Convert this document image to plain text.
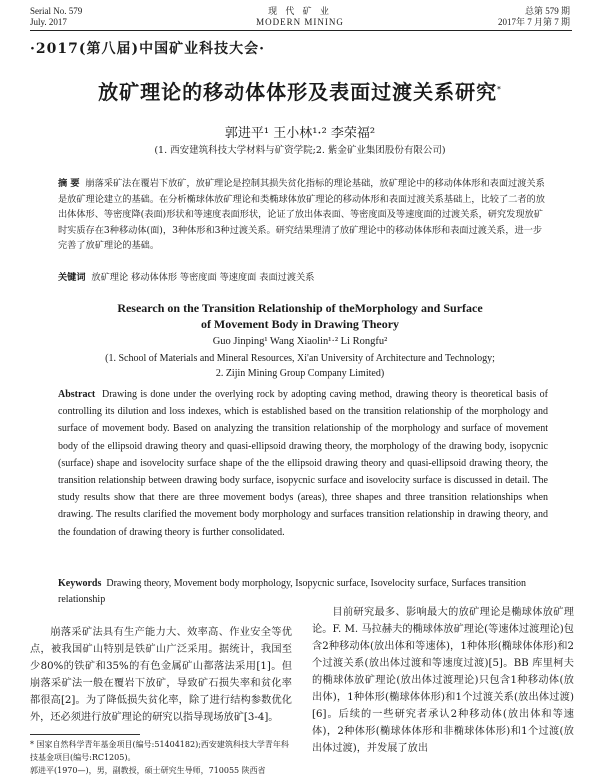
Serial No. 579
July. 2017
现 代 矿 业
MODERN MINING
总第 579 期
2017年 7 月第 7 期
·2017(第八届)中国矿业科技大会·
放矿理论的移动体体形及表面过渡关系研究*
郭进平¹ 王小林¹·² 李荣福²
(1. 西安建筑科技大学材料与矿资学院;2. 紫金矿业集团股份有限公司)
摘 要 崩落采矿法在覆岩下放矿，放矿理论是控制其损失贫化指标的理论基础，放矿理论中的移动体体形和表面过渡关系是放矿理论建立的基础。在分析椭球体放矿理论和类椭球体放矿理论的移动体形和表面过渡关系基础上，比较了二者的放出体体形、等密度降(表面)形状和等速度表面形状，论证了放出体表面、等密度面及等速度面的过渡关系，研究发现放矿时实质存在3种移动体(面)，3种体形和3种过渡关系。研究结果理清了放矿理论中的移动体体形和表面过渡关系，进一步完善了放矿理论的基础。
关键词 放矿理论 移动体体形 等密度面 等速度面 表面过渡关系
Research on the Transition Relationship of theMorphology and Surface
of Movement Body in Drawing Theory
Guo Jinping¹ Wang Xiaolin¹·² Li Rongfu²
(1. School of Materials and Mineral Resources, Xi'an University of Architecture and Technology;
2. Zijin Mining Group Company Limited)
Abstract Drawing is done under the overlying rock by adopting caving method, drawing theory is theoretical basis of controlling its dilution and loss indexes, which is established based on the transition relationship of the morphology and surface of movement body. Based on analyzing the transition relationship of the morphology and surface of movement body of the ellipsoid drawing theory and quasi-ellipsoid drawing theory, the morphology of the drawing body, isopycnic (surface) shape and isovelocity surface shape of the the ellipsoid drawing theory and quasi-ellipsoid drawing theory, the transition relationship between drawing body surface, isopycnic surface and isovelocity surface is discussed in detail. The study results show that there are three movement bodys (areas), three shapes and three transition relationships when drawing. The results clarified the movement body morphology and surfaces transition relationship in drawing theory, and the foundation of drawing theory is further consolidated.
Keywords Drawing theory, Movement body morphology, Isopycnic surface, Isovelocity surface, Surfaces transition relationship
崩落采矿法具有生产能力大、效率高、作业安全等优点，被我国矿山特别是铁矿山广泛采用。据统计，我国至少80%的铁矿和35%的有色金属矿山都落法采用[1]。但崩落采矿法一般在覆岩下放矿，导致矿石损失率和贫化率都很高[2]。为了降低损失贫化率，除了进行结构参数优化外，还必须进行放矿理论的研究以指导现场放矿[3-4]。
目前研究最多、影响最大的放矿理论是椭球体放矿理论。F. M. 马拉赫夫的椭球体放矿理论(等速体过渡理论)包含2种移动体(放出体和等速体)，1种体形(椭球体体形)和2个过渡关系(放出体过渡和等速度过渡)[5]。BB 库里柯夫的椭球体放矿理论(放出体过渡理论)只包含1种移动体(放出体)，1种体形(椭球体体形)和1个过渡关系(放出体过渡)[6]。后续的一些研究者承认2种移动体(放出体和等速体)，2种体形(椭球体体形和非椭球体体形)和1个过渡(放出体过渡)，并发展了放出
* 国家自然科学青年基金项目(编号:51404182);西安建筑科技大学青年科技基金项目(编号:RC1205)。
郭进平(1970—)，男，副教授，硕士研究生导师，710055 陕西省
